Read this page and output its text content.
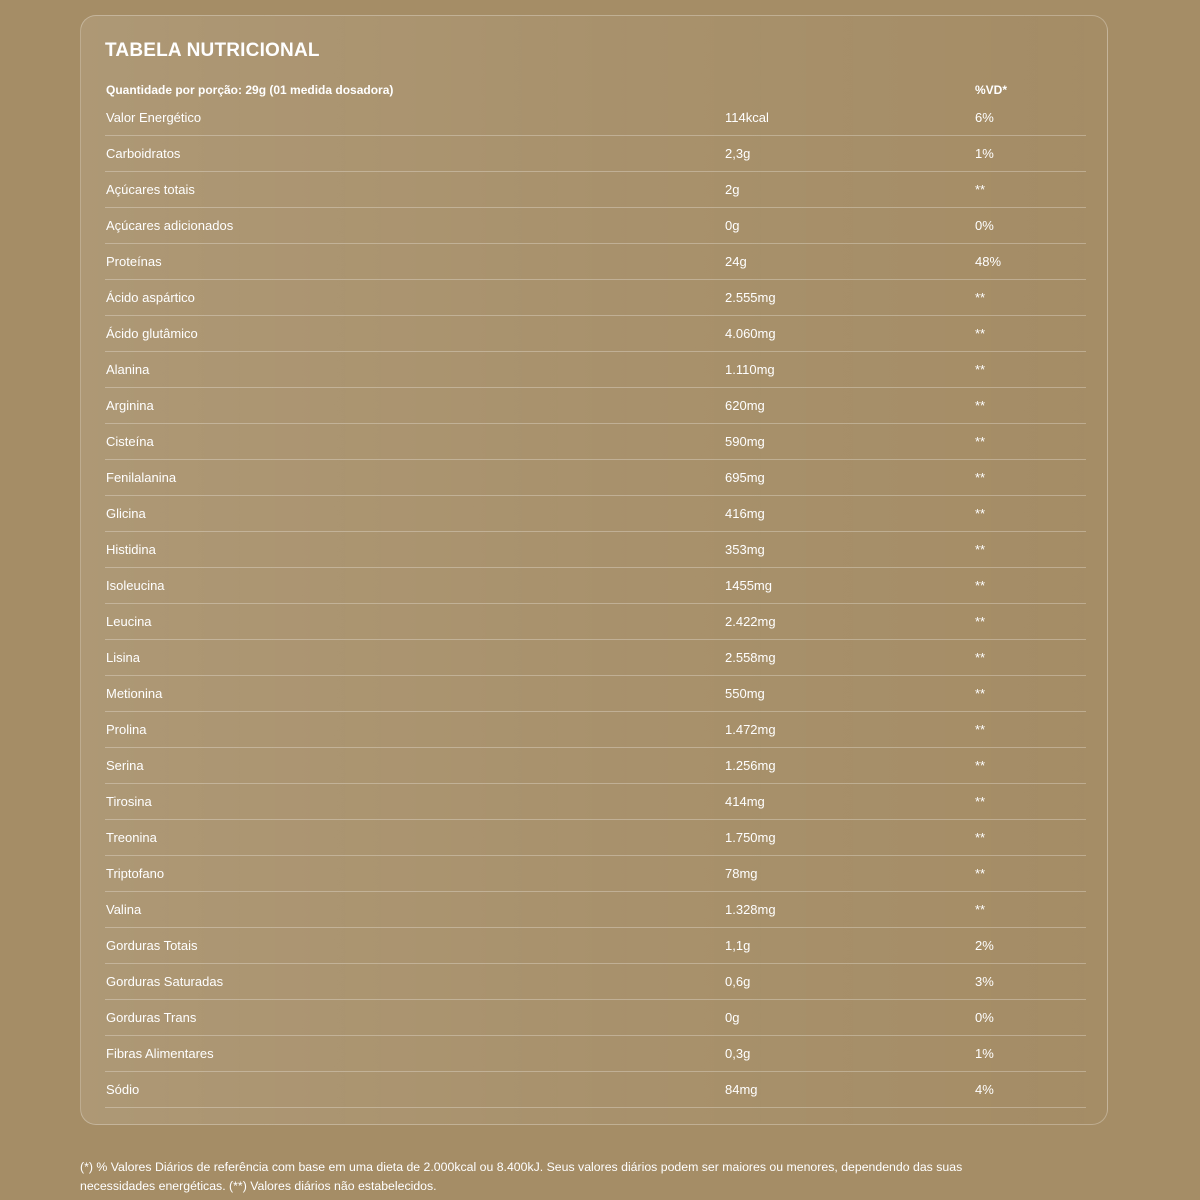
TABELA NUTRICIONAL
Quantidade por porção: 29g (01 medida dosadora)	%VD*
Valor Energético	114kcal	6%
Carboidratos	2,3g	1%
Açúcares totais	2g	**
Açúcares adicionados	0g	0%
Proteínas	24g	48%
Ácido aspártico	2.555mg	**
Ácido glutâmico	4.060mg	**
Alanina	1.110mg	**
Arginina	620mg	**
Cisteína	590mg	**
Fenilalanina	695mg	**
Glicina	416mg	**
Histidina	353mg	**
Isoleucina	1455mg	**
Leucina	2.422mg	**
Lisina	2.558mg	**
Metionina	550mg	**
Prolina	1.472mg	**
Serina	1.256mg	**
Tirosina	414mg	**
Treonina	1.750mg	**
Triptofano	78mg	**
Valina	1.328mg	**
Gorduras Totais	1,1g	2%
Gorduras Saturadas	0,6g	3%
Gorduras Trans	0g	0%
Fibras Alimentares	0,3g	1%
Sódio	84mg	4%

(*) % Valores Diários de referência com base em uma dieta de 2.000kcal ou 8.400kJ. Seus valores diários podem ser maiores ou menores, dependendo das suas

necessidades energéticas. (**) Valores diários não estabelecidos.
